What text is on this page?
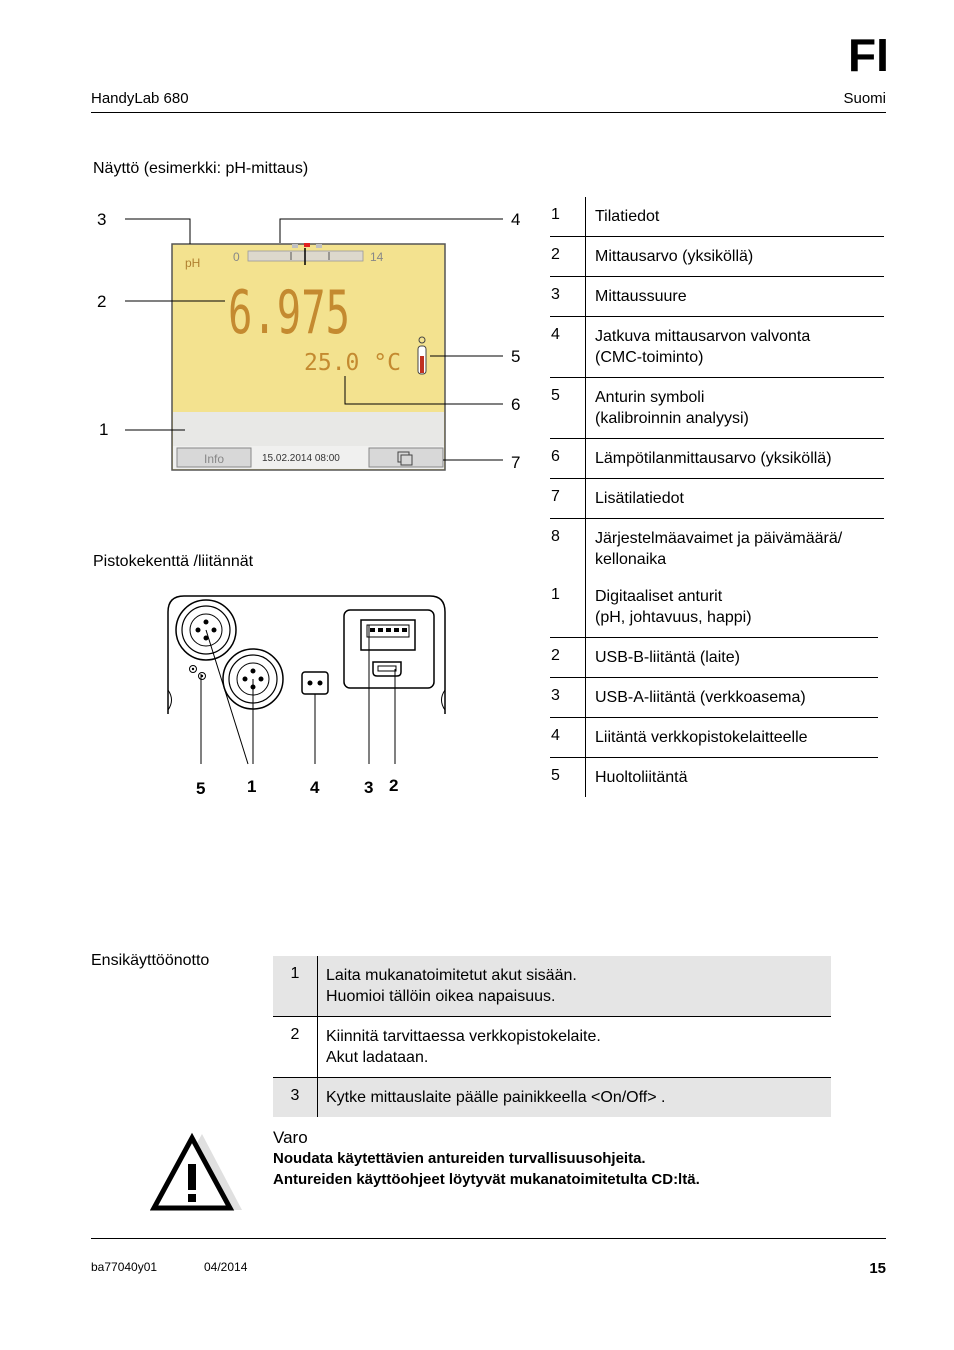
FI
HandyLab 680	Suomi
Näyttö (esimerkki: pH-mittaus)
pH	0	14
6.975
25.0 °C
Info	15.02.2014 08:00
3
2
1
4
5
6
7
1	Tilatiedot
2	Mittausarvo (yksiköllä)
3	Mittaussuure
4	Jatkuva mittausarvon valvonta
(CMC-toiminto)
5	Anturin symboli
(kalibroinnin analyysi)
6	Lämpötilanmittausarvo (yksiköllä)
7	Lisätilatiedot
8	Järjestelmäavaimet ja päivämäärä/
kellonaika
Pistokekenttä /liitännät
5 1	4	3 2
1	Digitaaliset anturit
(pH, johtavuus, happi)
2	USB-B-liitäntä (laite)
3	USB-A-liitäntä (verkkoasema)
4	Liitäntä verkkopistokelaitteelle
5	Huoltoliitäntä
Ensikäyttöönotto
1	Laita mukanatoimitetut akut sisään.
Huomioi tällöin oikea napaisuus.
2	Kiinnitä tarvittaessa verkkopistokelaite.
Akut ladataan.
3	Kytke mittauslaite päälle painikkeella <On/Off> .
Varo
Noudata käytettävien antureiden turvallisuusohjeita.
Antureiden käyttöohjeet löytyvät mukanatoimitetulta CD:ltä.
ba77040y01	04/2014	15
